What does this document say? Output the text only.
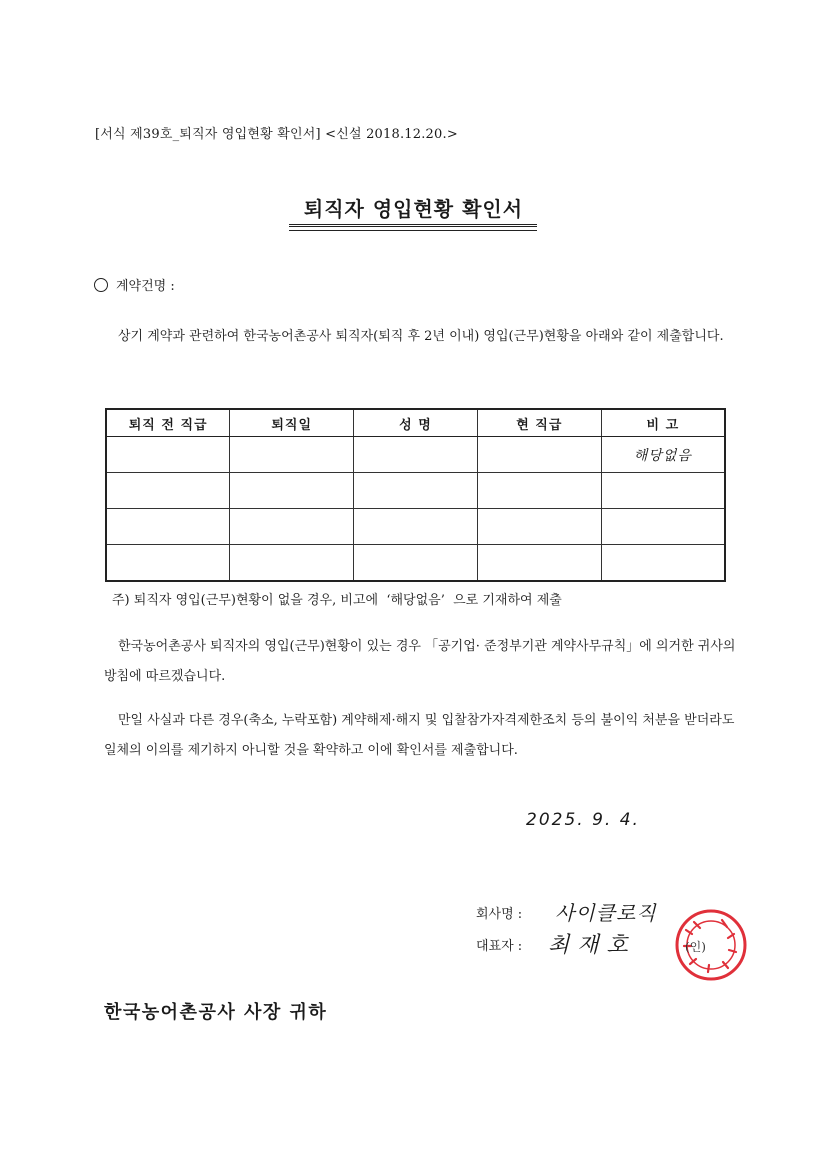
[서식 제39호_퇴직자 영입현황 확인서] <신설 2018.12.20.>
퇴직자 영입현황 확인서
계약건명 :
상기 계약과 관련하여 한국농어촌공사 퇴직자(퇴직 후 2년 이내) 영입(근무)현황을 아래와 같이 제출합니다.
퇴직 전 직급	퇴직일	성 명	현 직급	비 고
				해당없음

주) 퇴직자 영입(근무)현황이 없을 경우, 비고에 ‘해당없음’ 으로 기재하여 제출
한국농어촌공사 퇴직자의 영입(근무)현황이 있는 경우 「공기업· 준정부기관 계약사무규칙」에 의거한 귀사의 방침에 따르겠습니다.
만일 사실과 다른 경우(축소, 누락포함) 계약해제·해지 및 입찰참가자격제한조치 등의 불이익 처분을 받더라도 일체의 이의를 제기하지 아니할 것을 확약하고 이에 확인서를 제출합니다.
2025. 9. 4.
회사명 : 사이클로직
대표자 : 최재호	(인)
한국농어촌공사 사장 귀하
